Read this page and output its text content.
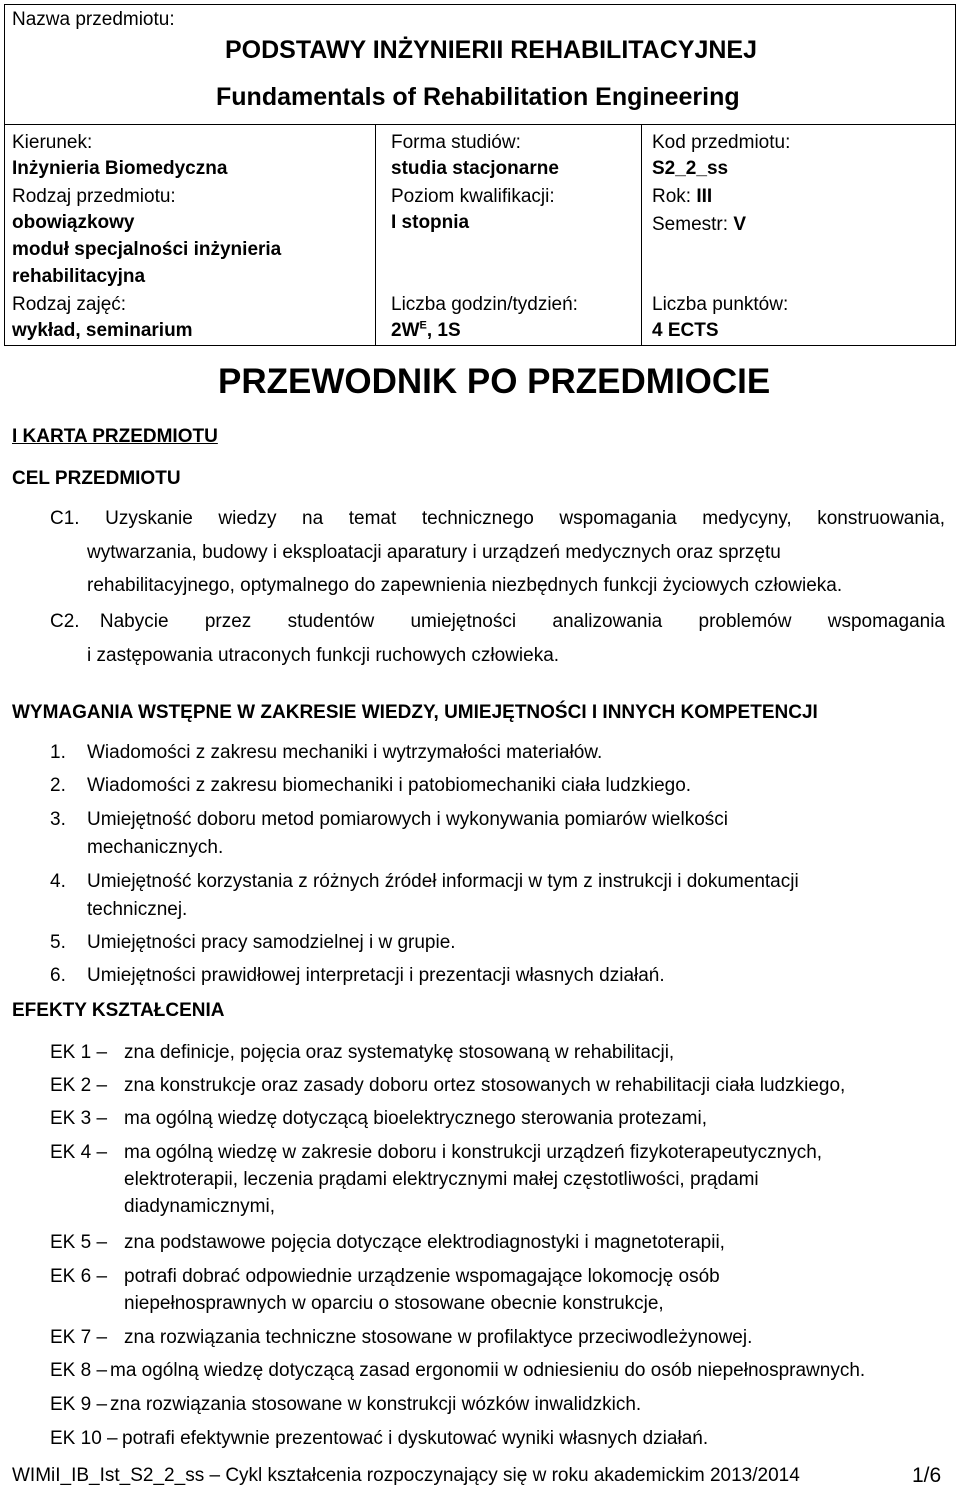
Nazwa przedmiotu:
PODSTAWY INŻYNIERII REHABILITACYJNEJ
Fundamentals of Rehabilitation Engineering
Kierunek:
Inżynieria Biomedyczna
Rodzaj przedmiotu:
obowiązkowy
moduł specjalności inżynieria
rehabilitacyjna
Rodzaj zajęć:
wykład, seminarium
Forma studiów:
studia stacjonarne
Poziom kwalifikacji:
I stopnia
Liczba godzin/tydzień:
$2W^E$, 1S
Kod przedmiotu:
S2_2_ss
Rok: III
Semestr: V
Liczba punktów:
4 ECTS
PRZEWODNIK PO PRZEDMIOCIE
I KARTA PRZEDMIOTU
CEL PRZEDMIOTU
C1. Uzyskanie wiedzy na temat technicznego wspomagania medycyny, konstruowania,
wytwarzania, budowy i eksploatacji aparatury i urządzeń medycznych oraz sprzętu
rehabilitacyjnego, optymalnego do zapewnienia niezbędnych funkcji życiowych człowieka.
C2. Nabycie przez studentów umiejętności analizowania problemów wspomagania
i zastępowania utraconych funkcji ruchowych człowieka.
WYMAGANIA WSTĘPNE W ZAKRESIE WIEDZY, UMIEJĘTNOŚCI I INNYCH KOMPETENCJI
1. Wiadomości z zakresu mechaniki i wytrzymałości materiałów.
2. Wiadomości z zakresu biomechaniki i patobiomechaniki ciała ludzkiego.
3. Umiejętność doboru metod pomiarowych i wykonywania pomiarów wielkości
mechanicznych.
4. Umiejętność korzystania z różnych źródeł informacji w tym z instrukcji i dokumentacji
technicznej.
5. Umiejętności pracy samodzielnej i w grupie.
6. Umiejętności prawidłowej interpretacji i prezentacji własnych działań.
EFEKTY KSZTAŁCENIA
EK 1 – zna definicje, pojęcia oraz systematykę stosowaną w rehabilitacji,
EK 2 – zna konstrukcje oraz zasady doboru ortez stosowanych w rehabilitacji ciała ludzkiego,
EK 3 – ma ogólną wiedzę dotyczącą bioelektrycznego sterowania protezami,
EK 4 – ma ogólną wiedzę w zakresie doboru i konstrukcji urządzeń fizykoterapeutycznych,
elektroterapii, leczenia prądami elektrycznymi małej częstotliwości, prądami
diadynamicznymi,
EK 5 – zna podstawowe pojęcia dotyczące elektrodiagnostyki i magnetoterapii,
EK 6 – potrafi dobrać odpowiednie urządzenie wspomagające lokomocję osób
niepełnosprawnych w oparciu o stosowane obecnie konstrukcje,
EK 7 – zna rozwiązania techniczne stosowane w profilaktyce przeciwodleżynowej.
EK 8 – ma ogólną wiedzę dotyczącą zasad ergonomii w odniesieniu do osób niepełnosprawnych.
EK 9 – zna rozwiązania stosowane w konstrukcji wózków inwalidzkich.
EK 10 – potrafi efektywnie prezentować i dyskutować wyniki własnych działań.
WIMiI_IB_Ist_S2_2_ss – Cykl kształcenia rozpoczynający się w roku akademickim 2013/2014	1/6
